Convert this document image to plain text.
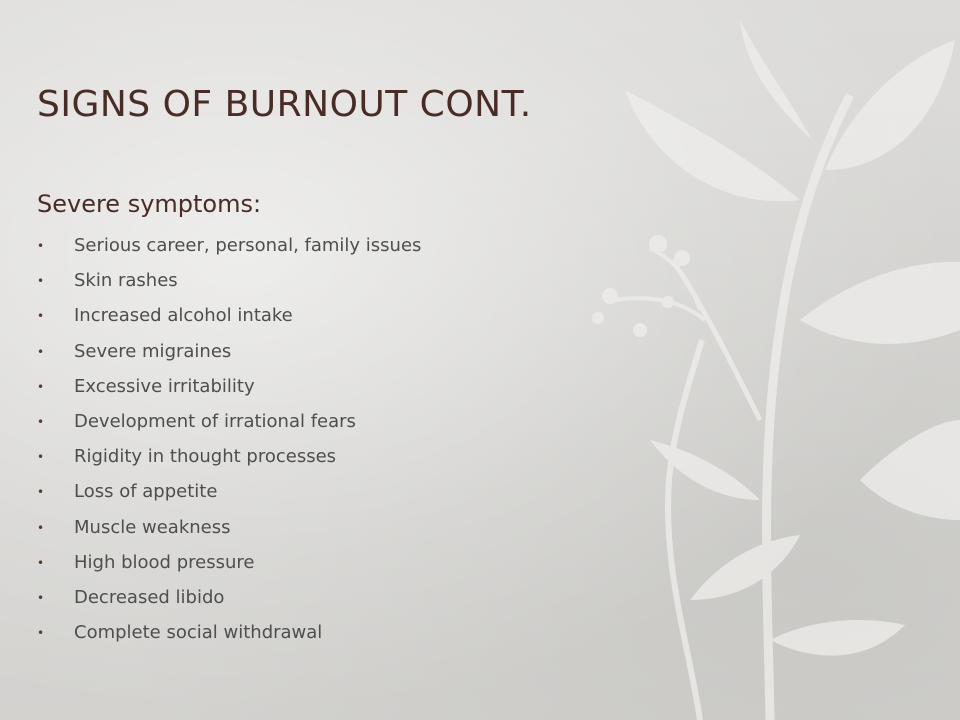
SIGNS OF BURNOUT CONT.
Severe symptoms:
•	Serious career, personal, family issues
•	Skin rashes
•	Increased alcohol intake
•	Severe migraines
•	Excessive irritability
•	Development of irrational fears
•	Rigidity in thought processes
•	Loss of appetite
•	Muscle weakness
•	High blood pressure
•	Decreased libido
•	Complete social withdrawal
